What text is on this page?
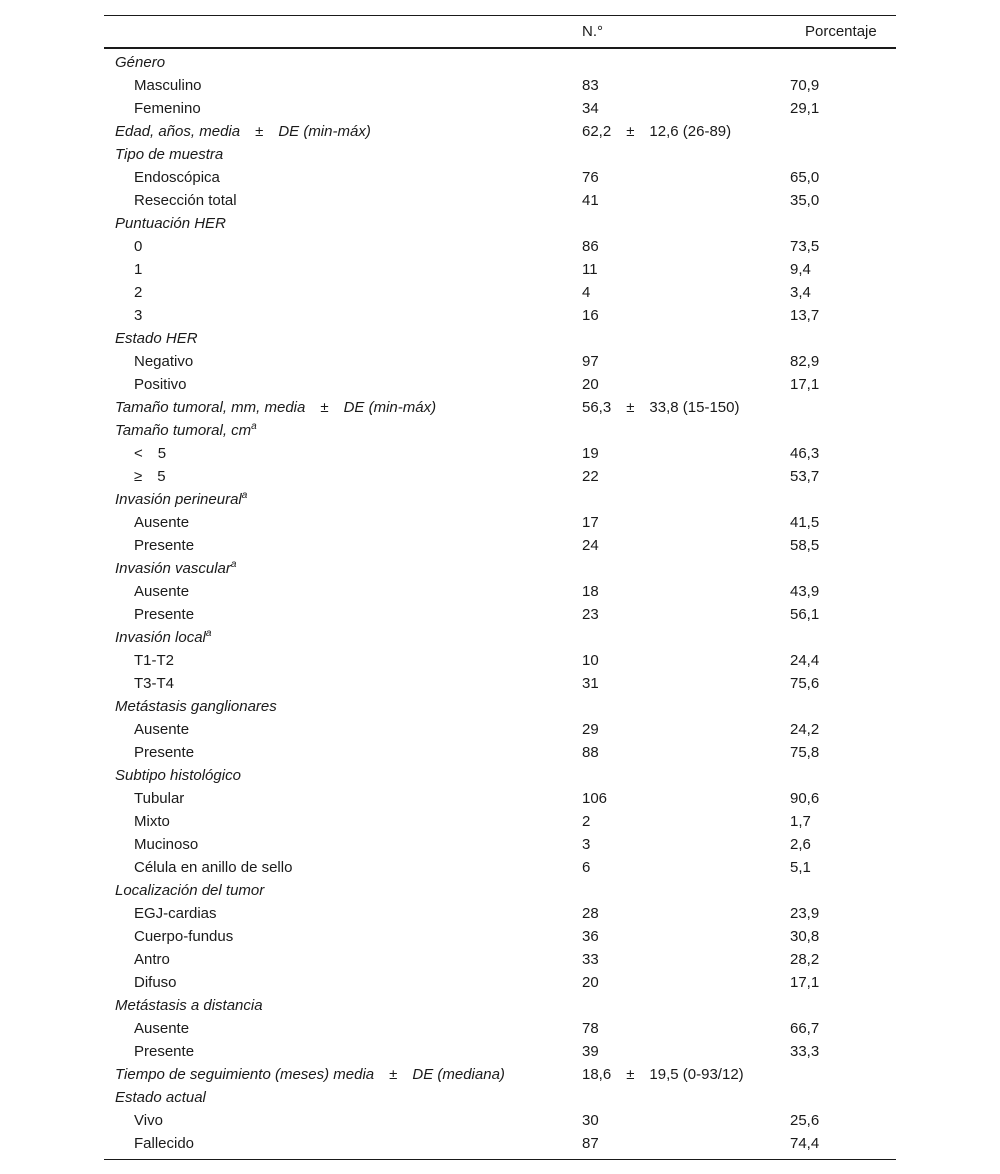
N.°	Porcentaje
Género
Masculino	83	70,9
Femenino	34	29,1
Edad, años, media ± DE (min-máx)	62,2 ± 12,6 (26-89)
Tipo de muestra
Endoscópica	76	65,0
Resección total	41	35,0
Puntuación HER
0	86	73,5
1	11	9,4
2	4	3,4
3	16	13,7
Estado HER
Negativo	97	82,9
Positivo	20	17,1
Tamaño tumoral, mm, media ± DE (min-máx)	56,3 ± 33,8 (15-150)
Tamaño tumoral, $cm^a$
< 5	19	46,3
≥ 5	22	53,7
Invasión perineural$^a$
Ausente	17	41,5
Presente	24	58,5
Invasión vascular$^a$
Ausente	18	43,9
Presente	23	56,1
Invasión local$^a$
T1-T2	10	24,4
T3-T4	31	75,6
Metástasis ganglionares
Ausente	29	24,2
Presente	88	75,8
Subtipo histológico
Tubular	106	90,6
Mixto	2	1,7
Mucinoso	3	2,6
Célula en anillo de sello	6	5,1
Localización del tumor
EGJ-cardias	28	23,9
Cuerpo-fundus	36	30,8
Antro	33	28,2
Difuso	20	17,1
Metástasis a distancia
Ausente	78	66,7
Presente	39	33,3
Tiempo de seguimiento (meses) media ± DE (mediana)	18,6 ± 19,5 (0-93/12)
Estado actual
Vivo	30	25,6
Fallecido	87	74,4
